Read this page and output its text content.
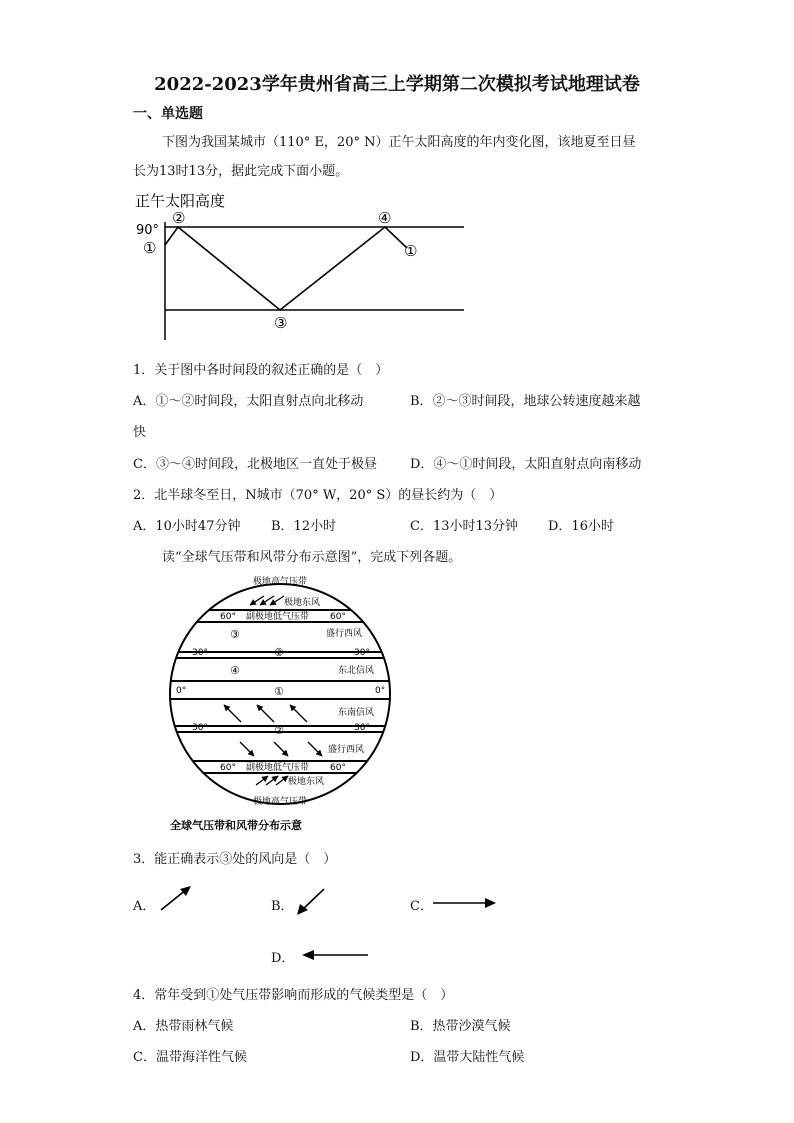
2022-2023学年贵州省高三上学期第二次模拟考试地理试卷
一、单选题
下图为我国某城市（110° E，20° N）正午太阳高度的年内变化图，该地夏至日昼
长为13时13分，据此完成下面小题。
正午太阳高度
90°
①
②
③
④
①
1．关于图中各时间段的叙述正确的是（　）
A．①～②时间段，太阳直射点向北移动	B．②～③时间段，地球公转速度越来越
快
C．③～④时间段，北极地区一直处于极昼	D．④～①时间段，太阳直射点向南移动
2．北半球冬至日，N城市（70° W，20° S）的昼长约为（　）
A．10小时47分钟 B．12小时	C．13小时13分钟 D．16小时
读“全球气压带和风带分布示意图”，完成下列各题。
极地高气压带
极地东风
60° 副极地低气压带 60°
③	盛行西风
30°	②	30°
④	东北信风
0°	①	0°
东南信风
30°	②	30°
盛行西风
60° 副极地低气压带 60°
极地东风
极地高气压带
全球气压带和风带分布示意
3．能正确表示③处的风向是（　）
A．	B．	C．
D．
4．常年受到①处气压带影响而形成的气候类型是（　）
A．热带雨林气候	B．热带沙漠气候
C．温带海洋性气候	D．温带大陆性气候
